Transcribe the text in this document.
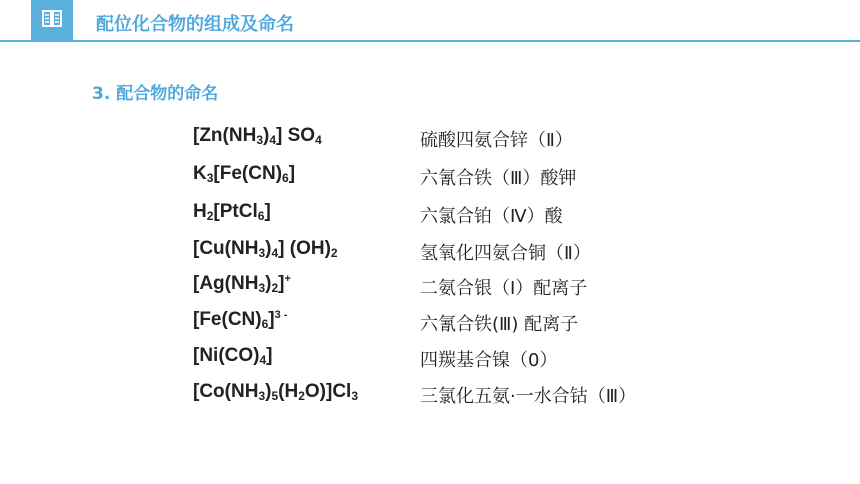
配位化合物的组成及命名
3. 配合物的命名
$[Zn(NH_3)_4]$ $SO_4$	硫酸四氨合锌（Ⅱ）
$K_3[Fe(CN)_6]$	六氰合铁（Ⅲ）酸钾
$H_2[PtCl_6]$	六氯合铂（Ⅳ）酸
$[Cu(NH_3)_4]$ $(OH)_2$	氢氧化四氨合铜（Ⅱ）
$[Ag(NH_3)_2]^+$	二氨合银（Ⅰ）配离子
$[Fe(CN)_6]^{3 -}$	六氰合铁(Ⅲ) 配离子
$[Ni(CO)_4]$	四羰基合镍（0）
$[Co(NH_3)_5(H_2O)]Cl_3$	三氯化五氨·一水合钴（Ⅲ）
